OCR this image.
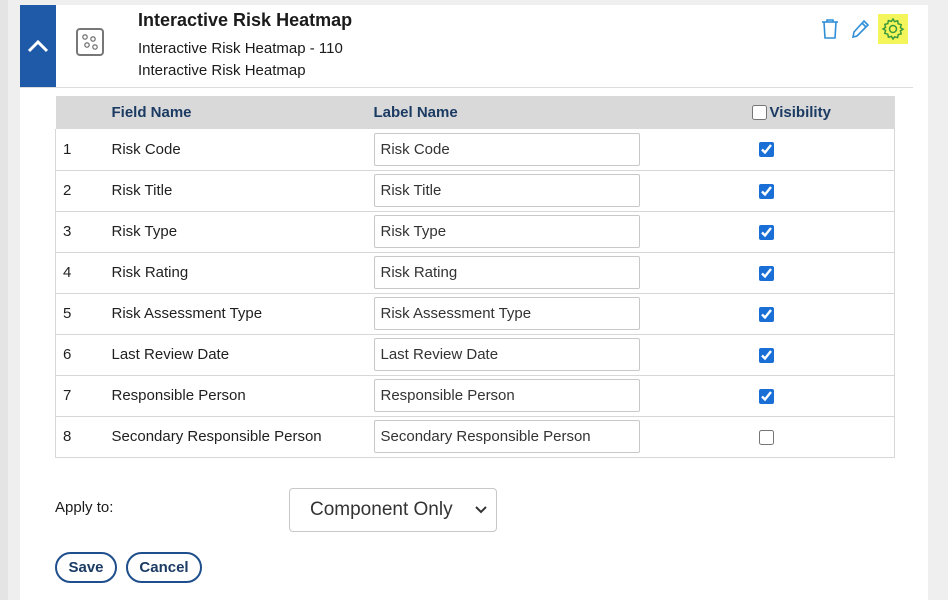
Interactive Risk Heatmap
Interactive Risk Heatmap - 110
Interactive Risk Heatmap
	Field Name	Label Name	Visibility

1	Risk Code	Risk Code	
2	Risk Title	Risk Title	
3	Risk Type	Risk Type	
4	Risk Rating	Risk Rating	
5	Risk Assessment Type	Risk Assessment Type	
6	Last Review Date	Last Review Date	
7	Responsible Person	Responsible Person	
8	Secondary Responsible Person	Secondary Responsible Person	
Apply to:	Component Only
Save	Cancel
